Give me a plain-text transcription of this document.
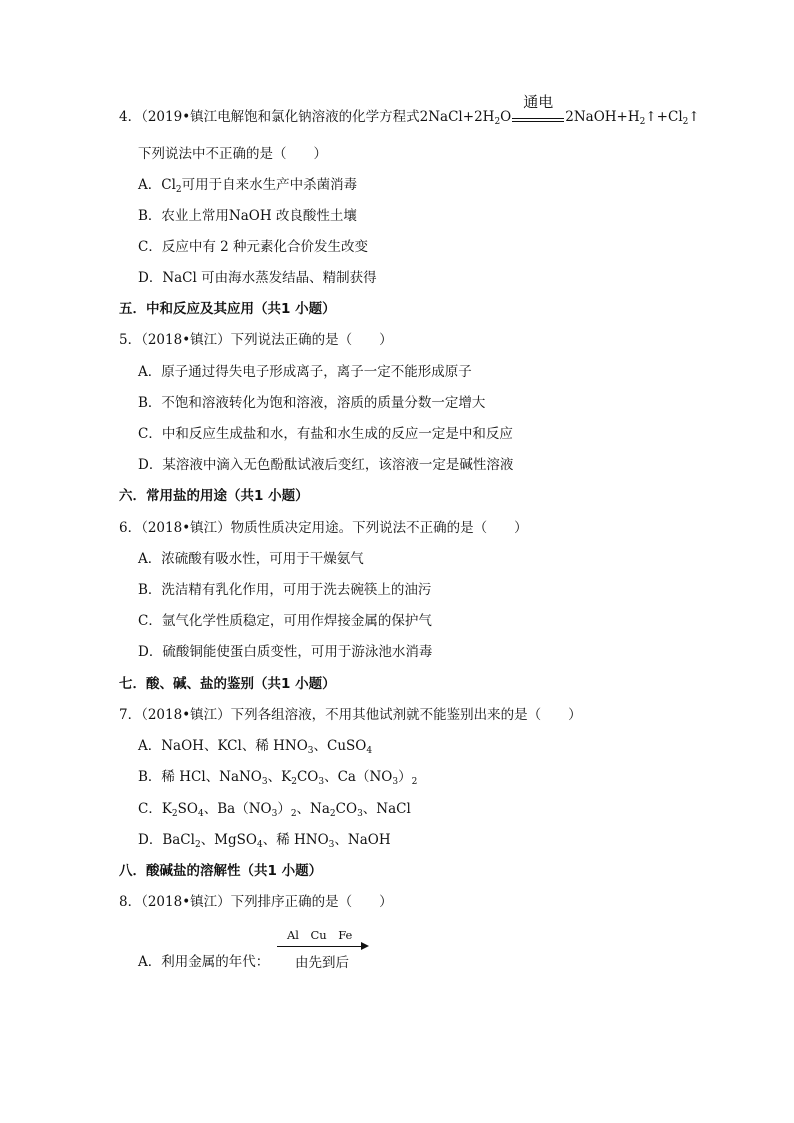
4．（2019•镇江电解饱和氯化钠溶液的化学方程式$2NaCl+2H_2O$
通电
$2NaOH+H_2↑+Cl_2↑$
下列说法中不正确的是（　　）
A．$Cl_2$可用于自来水生产中杀菌消毒
B．农业上常用NaOH 改良酸性土壤
C．反应中有 2 种元素化合价发生改变
D．NaCl 可由海水蒸发结晶、精制获得
五．中和反应及其应用（共1 小题）
5．（2018•镇江）下列说法正确的是（　　）
A．原子通过得失电子形成离子，离子一定不能形成原子
B．不饱和溶液转化为饱和溶液，溶质的质量分数一定增大
C．中和反应生成盐和水，有盐和水生成的反应一定是中和反应
D．某溶液中滴入无色酚酞试液后变红，该溶液一定是碱性溶液
六．常用盐的用途（共1 小题）
6．（2018•镇江）物质性质决定用途。下列说法不正确的是（　　）
A．浓硫酸有吸水性，可用于干燥氨气
B．洗洁精有乳化作用，可用于洗去碗筷上的油污
C．氩气化学性质稳定，可用作焊接金属的保护气
D．硫酸铜能使蛋白质变性，可用于游泳池水消毒
七．酸、碱、盐的鉴别（共1 小题）
7．（2018•镇江）下列各组溶液，不用其他试剂就不能鉴别出来的是（　　）
A．NaOH、KCl、稀 $HNO_3$、CuSO$_4$
B．稀 HCl、NaNO$_3$、$K_2CO_3$、$Ca(NO_3)_2$
C．$K_2SO_4$、$Ba(NO_3)_2$、$Na_2CO_3$、NaCl
D．BaCl$_2$、MgSO$_4$、稀 $HNO_3$、NaOH
八．酸碱盐的溶解性（共1 小题）
8．（2018•镇江）下列排序正确的是（　　）
A．利用金属的年代：
Al　Cu　Fe
由先到后
